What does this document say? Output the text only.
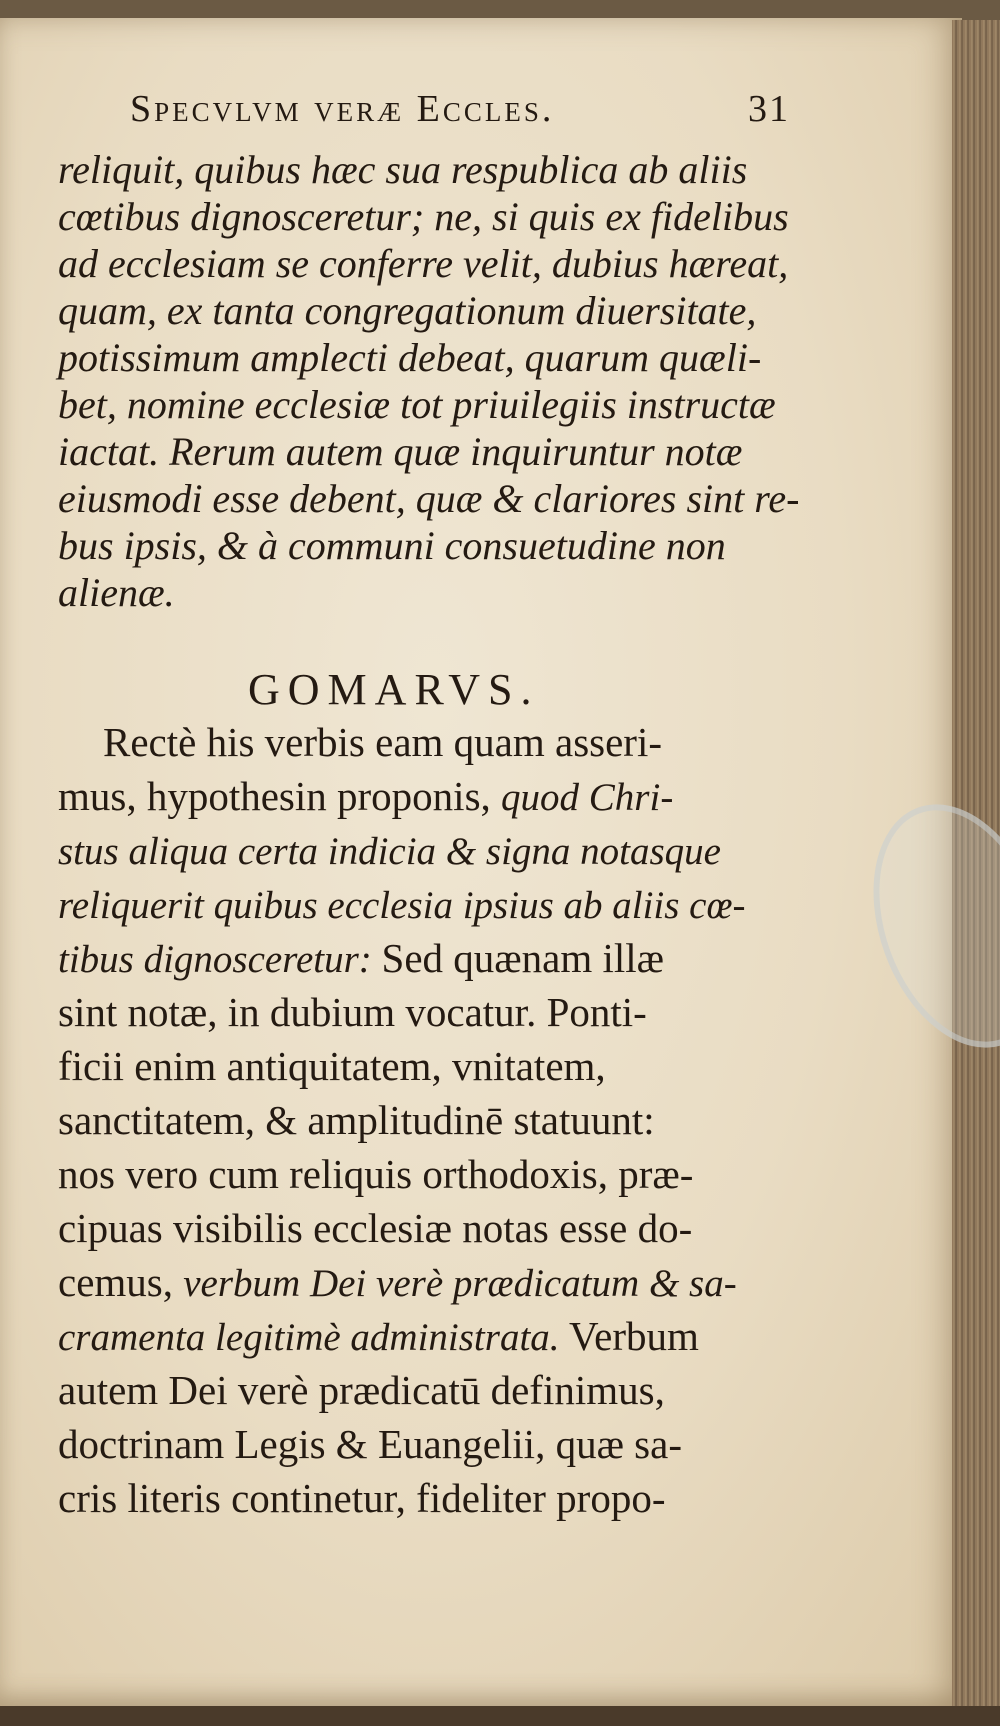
Specvlvm veræ Eccles.	31
reliquit, quibus hæc sua respublica ab aliis
cœtibus dignosceretur; ne, si quis ex fidelibus
ad ecclesiam se conferre velit, dubius hæreat,
quam, ex tanta congregationum diuersitate,
potissimum amplecti debeat, quarum quæli-
bet, nomine ecclesiæ tot priuilegiis instructæ
iactat. Rerum autem quæ inquiruntur notæ
eiusmodi esse debent, quæ & clariores sint re-
bus ipsis, & à communi consuetudine non
alienæ.
GOMARVS.
Rectè his verbis eam quam asseri-
mus, hypothesin proponis, quod Chri-
stus aliqua certa indicia & signa notasque
reliquerit quibus ecclesia ipsius ab aliis cœ-
tibus dignosceretur: Sed quænam illæ
sint notæ, in dubium vocatur. Ponti-
ficii enim antiquitatem, vnitatem,
sanctitatem, & amplitudinē statuunt:
nos vero cum reliquis orthodoxis, præ-
cipuas visibilis ecclesiæ notas esse do-
cemus, verbum Dei verè prædicatum & sa-
cramenta legitimè administrata. Verbum
autem Dei verè prædicatū definimus,
doctrinam Legis & Euangelii, quæ sa-
cris literis continetur, fideliter propo-
